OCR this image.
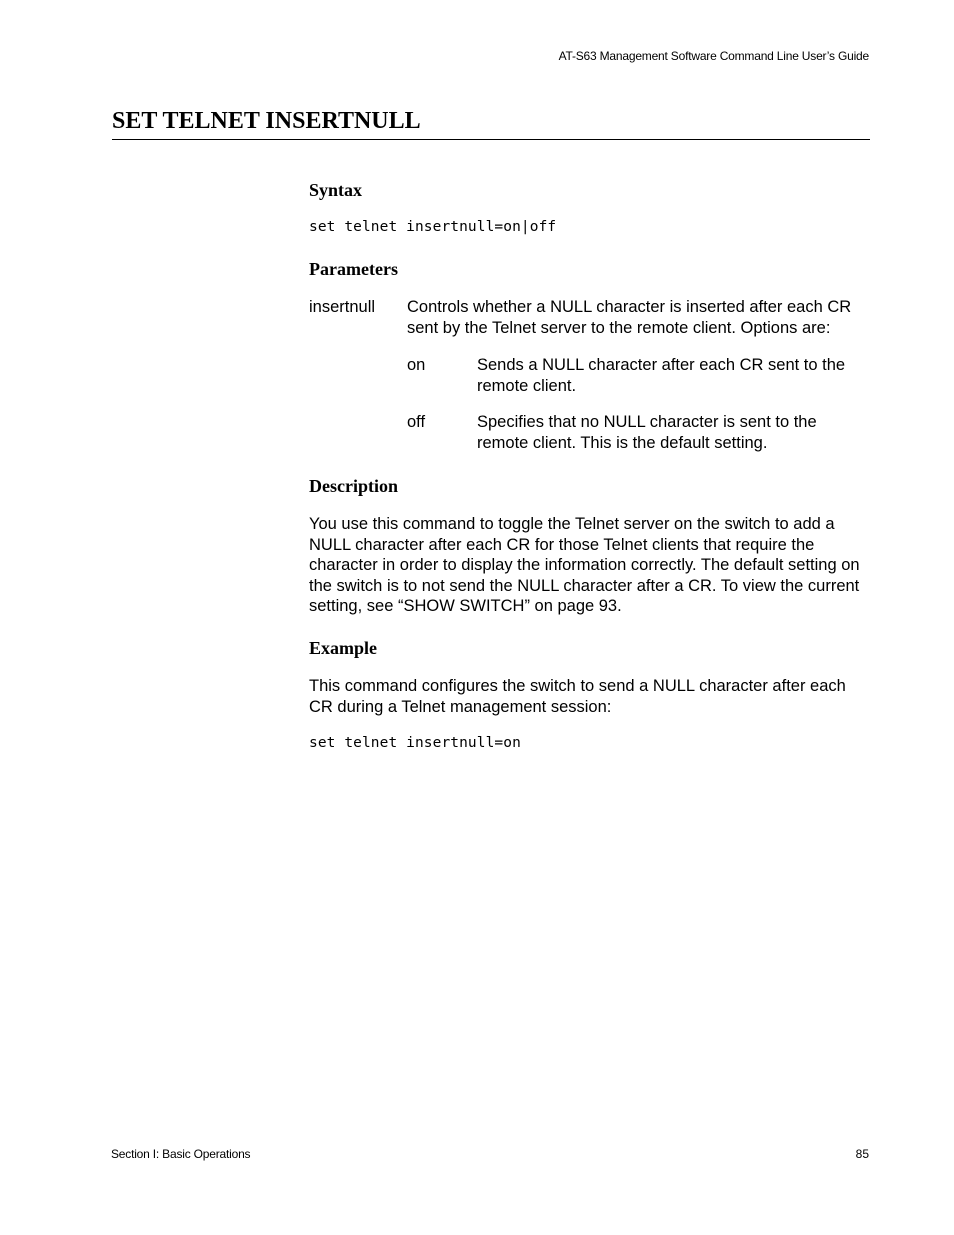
AT-S63 Management Software Command Line User’s Guide
SET TELNET INSERTNULL
Syntax
set telnet insertnull=on|off
Parameters
insertnull Controls whether a NULL character is inserted after each CR sent by the Telnet server to the remote client. Options are:
on	Sends a NULL character after each CR sent to the remote client.
off	Specifies that no NULL character is sent to the remote client. This is the default setting.
Description
You use this command to toggle the Telnet server on the switch to add a NULL character after each CR for those Telnet clients that require the character in order to display the information correctly. The default setting on the switch is to not send the NULL character after a CR. To view the current setting, see “SHOW SWITCH” on page 93.
Example
This command configures the switch to send a NULL character after each CR during a Telnet management session:
set telnet insertnull=on
Section I: Basic Operations	85
